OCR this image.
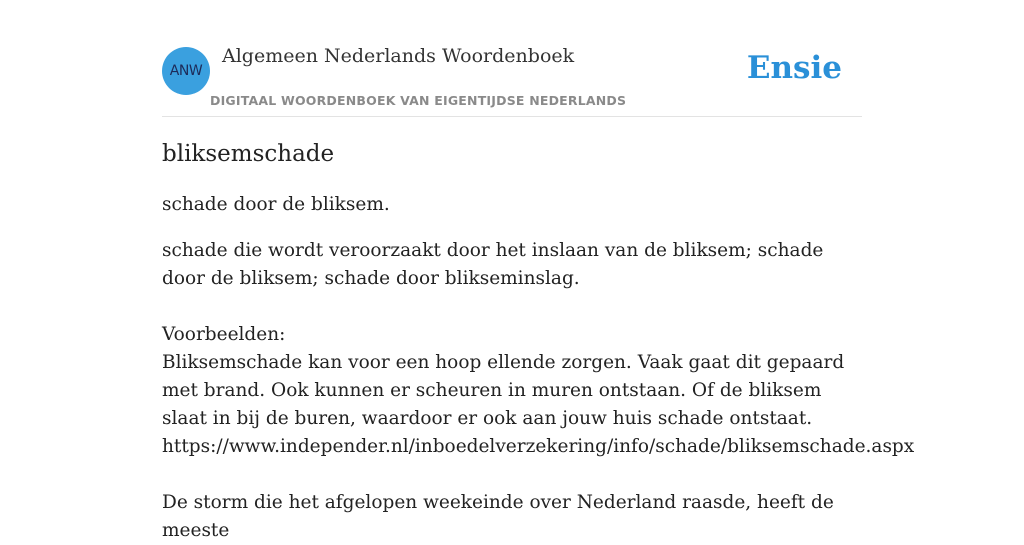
ANW
Algemeen Nederlands Woordenboek
DIGITAAL WOORDENBOEK VAN EIGENTIJDSE NEDERLANDS
Ensie
bliksemschade

schade door de bliksem.

schade die wordt veroorzaakt door het inslaan van de bliksem; schade door de bliksem; schade door blikseminslag.

Voorbeelden:

Bliksemschade kan voor een hoop ellende zorgen. Vaak gaat dit gepaard met brand. Ook kunnen er scheuren in muren ontstaan. Of de bliksem slaat in bij de buren, waardoor er ook aan jouw huis schade ontstaat.

https://www.independer.nl/inboedelverzekering/info/schade/bliksemschade.aspx

De storm die het afgelopen weekeinde over Nederland raasde, heeft de meeste
